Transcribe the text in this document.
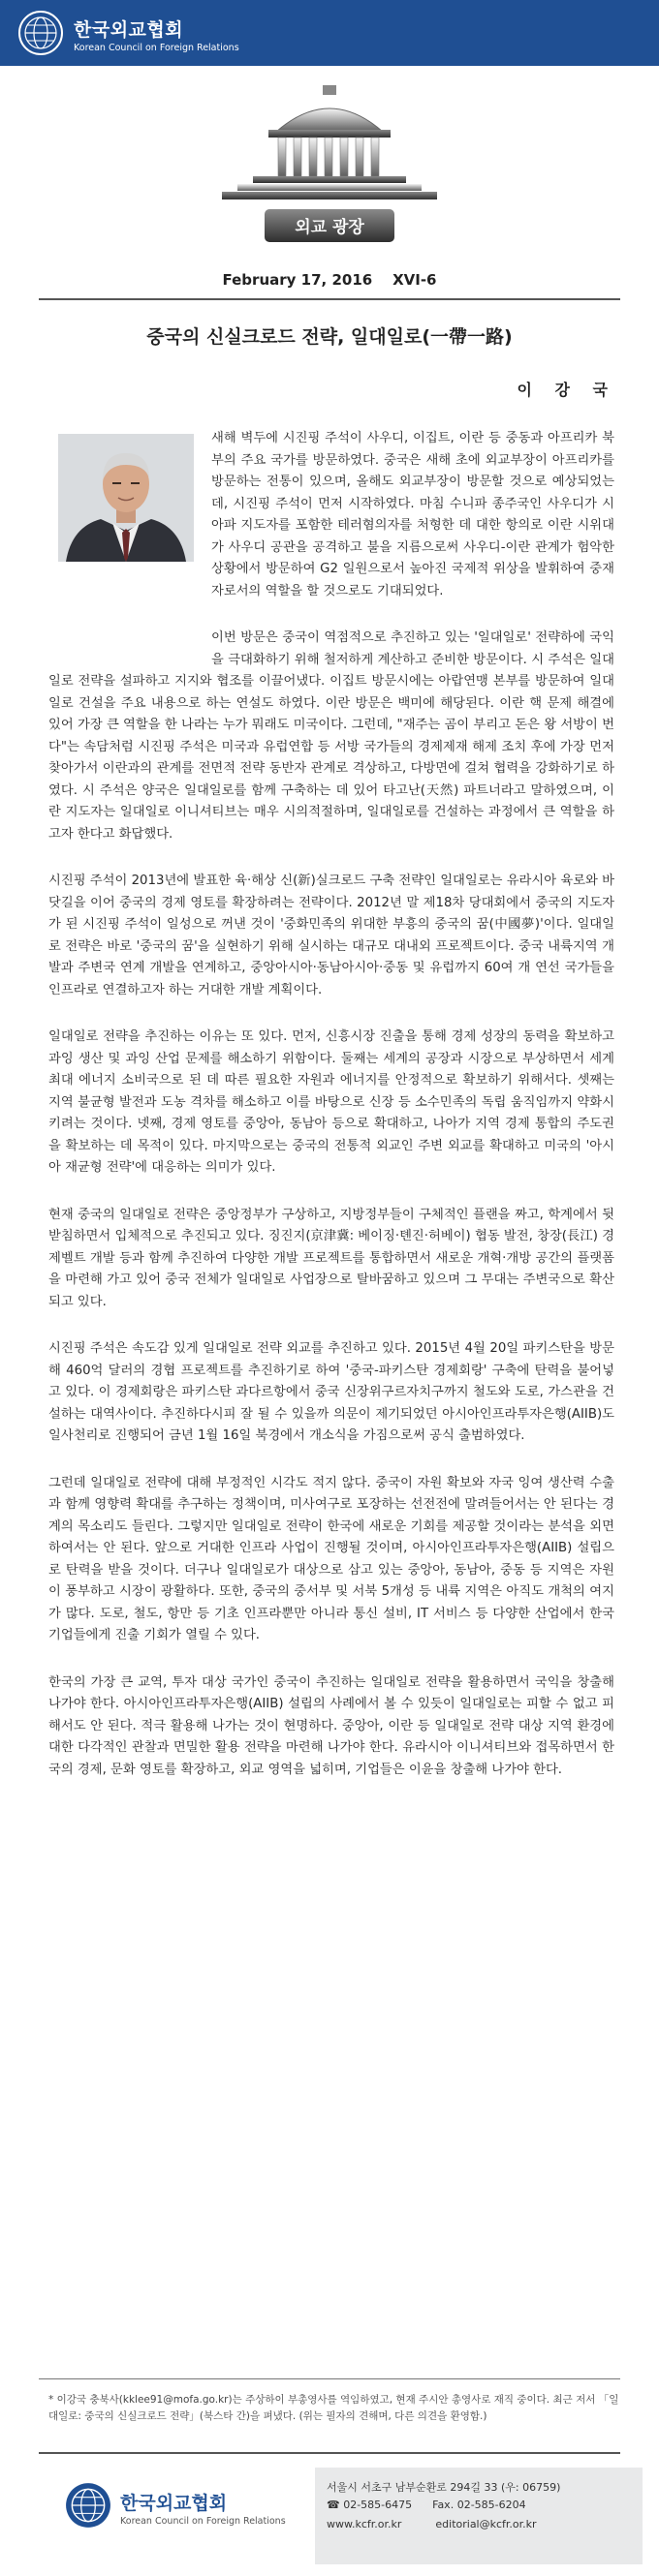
한국외교협회
Korean Council on Foreign Relations
외교 광장
February 17, 2016 XVI-6
중국의 신실크로드 전략, 일대일로(一帶一路)
이 강 국

새해 벽두에 시진핑 주석이 사우디, 이집트, 이란 등 중동과 아프리카 북부의 주요 국가를 방문하였다. 중국은 새해 초에 외교부장이 아프리카를 방문하는 전통이 있으며, 올해도 외교부장이 방문할 것으로 예상되었는데, 시진핑 주석이 먼저 시작하였다. 마침 수니파 종주국인 사우디가 시아파 지도자를 포함한 테러혐의자를 처형한 데 대한 항의로 이란 시위대가 사우디 공관을 공격하고 불을 지름으로써 사우디-이란 관계가 험악한 상황에서 방문하여 G2 일원으로서 높아진 국제적 위상을 발휘하여 중재자로서의 역할을 할 것으로도 기대되었다.

이번 방문은 중국이 역점적으로 추진하고 있는 '일대일로' 전략하에 국익을 극대화하기 위해 철저하게 계산하고 준비한 방문이다. 시 주석은 일대일로 전략을 설파하고 지지와 협조를 이끌어냈다. 이집트 방문시에는 아랍연맹 본부를 방문하여 일대일로 건설을 주요 내용으로 하는 연설도 하였다. 이란 방문은 백미에 해당된다. 이란 핵 문제 해결에 있어 가장 큰 역할을 한 나라는 누가 뭐래도 미국이다. 그런데, "재주는 곰이 부리고 돈은 왕 서방이 번다"는 속담처럼 시진핑 주석은 미국과 유럽연합 등 서방 국가들의 경제제재 해제 조치 후에 가장 먼저 찾아가서 이란과의 관계를 전면적 전략 동반자 관계로 격상하고, 다방면에 걸쳐 협력을 강화하기로 하였다. 시 주석은 양국은 일대일로를 함께 구축하는 데 있어 타고난(天然) 파트너라고 말하였으며, 이란 지도자는 일대일로 이니셔티브는 매우 시의적절하며, 일대일로를 건설하는 과정에서 큰 역할을 하고자 한다고 화답했다.

시진핑 주석이 2013년에 발표한 육·해상 신(新)실크로드 구축 전략인 일대일로는 유라시아 육로와 바닷길을 이어 중국의 경제 영토를 확장하려는 전략이다. 2012년 말 제18차 당대회에서 중국의 지도자가 된 시진핑 주석이 일성으로 꺼낸 것이 '중화민족의 위대한 부흥의 중국의 꿈(中國夢)'이다. 일대일로 전략은 바로 '중국의 꿈'을 실현하기 위해 실시하는 대규모 대내외 프로젝트이다. 중국 내륙지역 개발과 주변국 연계 개발을 연계하고, 중앙아시아·동남아시아·중동 및 유럽까지 60여 개 연선 국가들을 인프라로 연결하고자 하는 거대한 개발 계획이다.

일대일로 전략을 추진하는 이유는 또 있다. 먼저, 신흥시장 진출을 통해 경제 성장의 동력을 확보하고 과잉 생산 및 과잉 산업 문제를 해소하기 위함이다. 둘째는 세계의 공장과 시장으로 부상하면서 세계 최대 에너지 소비국으로 된 데 따른 필요한 자원과 에너지를 안정적으로 확보하기 위해서다. 셋째는 지역 불균형 발전과 도농 격차를 해소하고 이를 바탕으로 신장 등 소수민족의 독립 움직임까지 약화시키려는 것이다. 넷째, 경제 영토를 중앙아, 동남아 등으로 확대하고, 나아가 지역 경제 통합의 주도권을 확보하는 데 목적이 있다. 마지막으로는 중국의 전통적 외교인 주변 외교를 확대하고 미국의 '아시아 재균형 전략'에 대응하는 의미가 있다.

현재 중국의 일대일로 전략은 중앙정부가 구상하고, 지방정부들이 구체적인 플랜을 짜고, 학계에서 뒷받침하면서 입체적으로 추진되고 있다. 징진지(京津冀: 베이징·톈진·허베이) 협동 발전, 창장(長江) 경제벨트 개발 등과 함께 추진하여 다양한 개발 프로젝트를 통합하면서 새로운 개혁·개방 공간의 플랫폼을 마련해 가고 있어 중국 전체가 일대일로 사업장으로 탈바꿈하고 있으며 그 무대는 주변국으로 확산되고 있다.

시진핑 주석은 속도감 있게 일대일로 전략 외교를 추진하고 있다. 2015년 4월 20일 파키스탄을 방문해 460억 달러의 경협 프로젝트를 추진하기로 하여 '중국-파키스탄 경제회랑' 구축에 탄력을 불어넣고 있다. 이 경제회랑은 파키스탄 과다르항에서 중국 신장위구르자치구까지 철도와 도로, 가스관을 건설하는 대역사이다. 추진하다시피 잘 될 수 있을까 의문이 제기되었던 아시아인프라투자은행(AIIB)도 일사천리로 진행되어 금년 1월 16일 북경에서 개소식을 가짐으로써 공식 출범하였다.

그런데 일대일로 전략에 대해 부정적인 시각도 적지 않다. 중국이 자원 확보와 자국 잉여 생산력 수출과 함께 영향력 확대를 추구하는 정책이며, 미사여구로 포장하는 선전전에 말려들어서는 안 된다는 경계의 목소리도 들린다. 그렇지만 일대일로 전략이 한국에 새로운 기회를 제공할 것이라는 분석을 외면하여서는 안 된다. 앞으로 거대한 인프라 사업이 진행될 것이며, 아시아인프라투자은행(AIIB) 설립으로 탄력을 받을 것이다. 더구나 일대일로가 대상으로 삼고 있는 중앙아, 동남아, 중동 등 지역은 자원이 풍부하고 시장이 광활하다. 또한, 중국의 중서부 및 서북 5개성 등 내륙 지역은 아직도 개척의 여지가 많다. 도로, 철도, 항만 등 기초 인프라뿐만 아니라 통신 설비, IT 서비스 등 다양한 산업에서 한국 기업들에게 진출 기회가 열릴 수 있다.

한국의 가장 큰 교역, 투자 대상 국가인 중국이 추진하는 일대일로 전략을 활용하면서 국익을 창출해 나가야 한다. 아시아인프라투자은행(AIIB) 설립의 사례에서 볼 수 있듯이 일대일로는 피할 수 없고 피해서도 안 된다. 적극 활용해 나가는 것이 현명하다. 중앙아, 이란 등 일대일로 전략 대상 지역 환경에 대한 다각적인 관찰과 면밀한 활용 전략을 마련해 나가야 한다. 유라시아 이니셔티브와 접목하면서 한국의 경제, 문화 영토를 확장하고, 외교 영역을 넓히며, 기업들은 이윤을 창출해 나가야 한다.

* 이강국 충북사(kklee91@mofa.go.kr)는 주상하이 부총영사를 역임하였고, 현재 주시안 총영사로 재직 중이다. 최근 저서 「일대일로: 중국의 신실크로드 전략」(북스타 간)을 펴냈다. (위는 필자의 견해며, 다른 의견을 환영함.)
한국외교협회
Korean Council on Foreign Relations
서울시 서초구 남부순환로 294길 33 (우: 06759)
☎ 02-585-6475 Fax. 02-585-6204
www.kcfr.or.kr	editorial@kcfr.or.kr
